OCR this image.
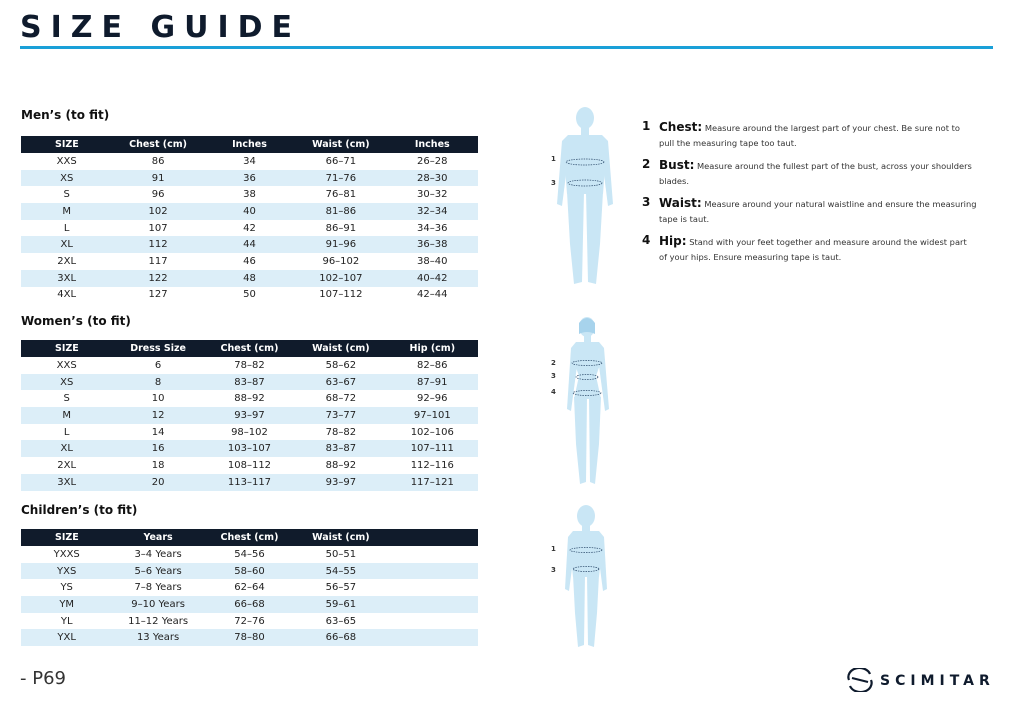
SIZE GUIDE
Men’s (to fit)
SIZE	Chest (cm)	Inches	Waist (cm)	Inches
XXS	86	34	66–71	26–28
XS	91	36	71–76	28–30
S	96	38	76–81	30–32
M	102	40	81–86	32–34
L	107	42	86–91	34–36
XL	112	44	91–96	36–38
2XL	117	46	96–102	38–40
3XL	122	48	102–107	40–42
4XL	127	50	107–112	42–44
Women’s (to fit)
SIZE	Dress Size	Chest (cm)	Waist (cm)	Hip (cm)
XXS	6	78–82	58–62	82–86
XS	8	83–87	63–67	87–91
S	10	88–92	68–72	92–96
M	12	93–97	73–77	97–101
L	14	98–102	78–82	102–106
XL	16	103–107	83–87	107–111
2XL	18	108–112	88–92	112–116
3XL	20	113–117	93–97	117–121
Children’s (to fit)
SIZE	Years	Chest (cm)	Waist (cm)	
YXXS	3–4 Years	54–56	50–51	
YXS	5–6 Years	58–60	54–55	
YS	7–8 Years	62–64	56–57	
YM	9–10 Years	66–68	59–61	
YL	11–12 Years	72–76	63–65	
YXL	13 Years	78–80	66–68	
1
3
2
3
4
1
3
1 Chest: Measure around the largest part of your chest. Be sure not to pull the measuring tape too taut.
2 Bust: Measure around the fullest part of the bust, across your shoulders blades.
3 Waist: Measure around your natural waistline and ensure the measuring tape is taut.
4 Hip: Stand with your feet together and measure around the widest part of your hips. Ensure measuring tape is taut.
- P69	SCIMITAR
